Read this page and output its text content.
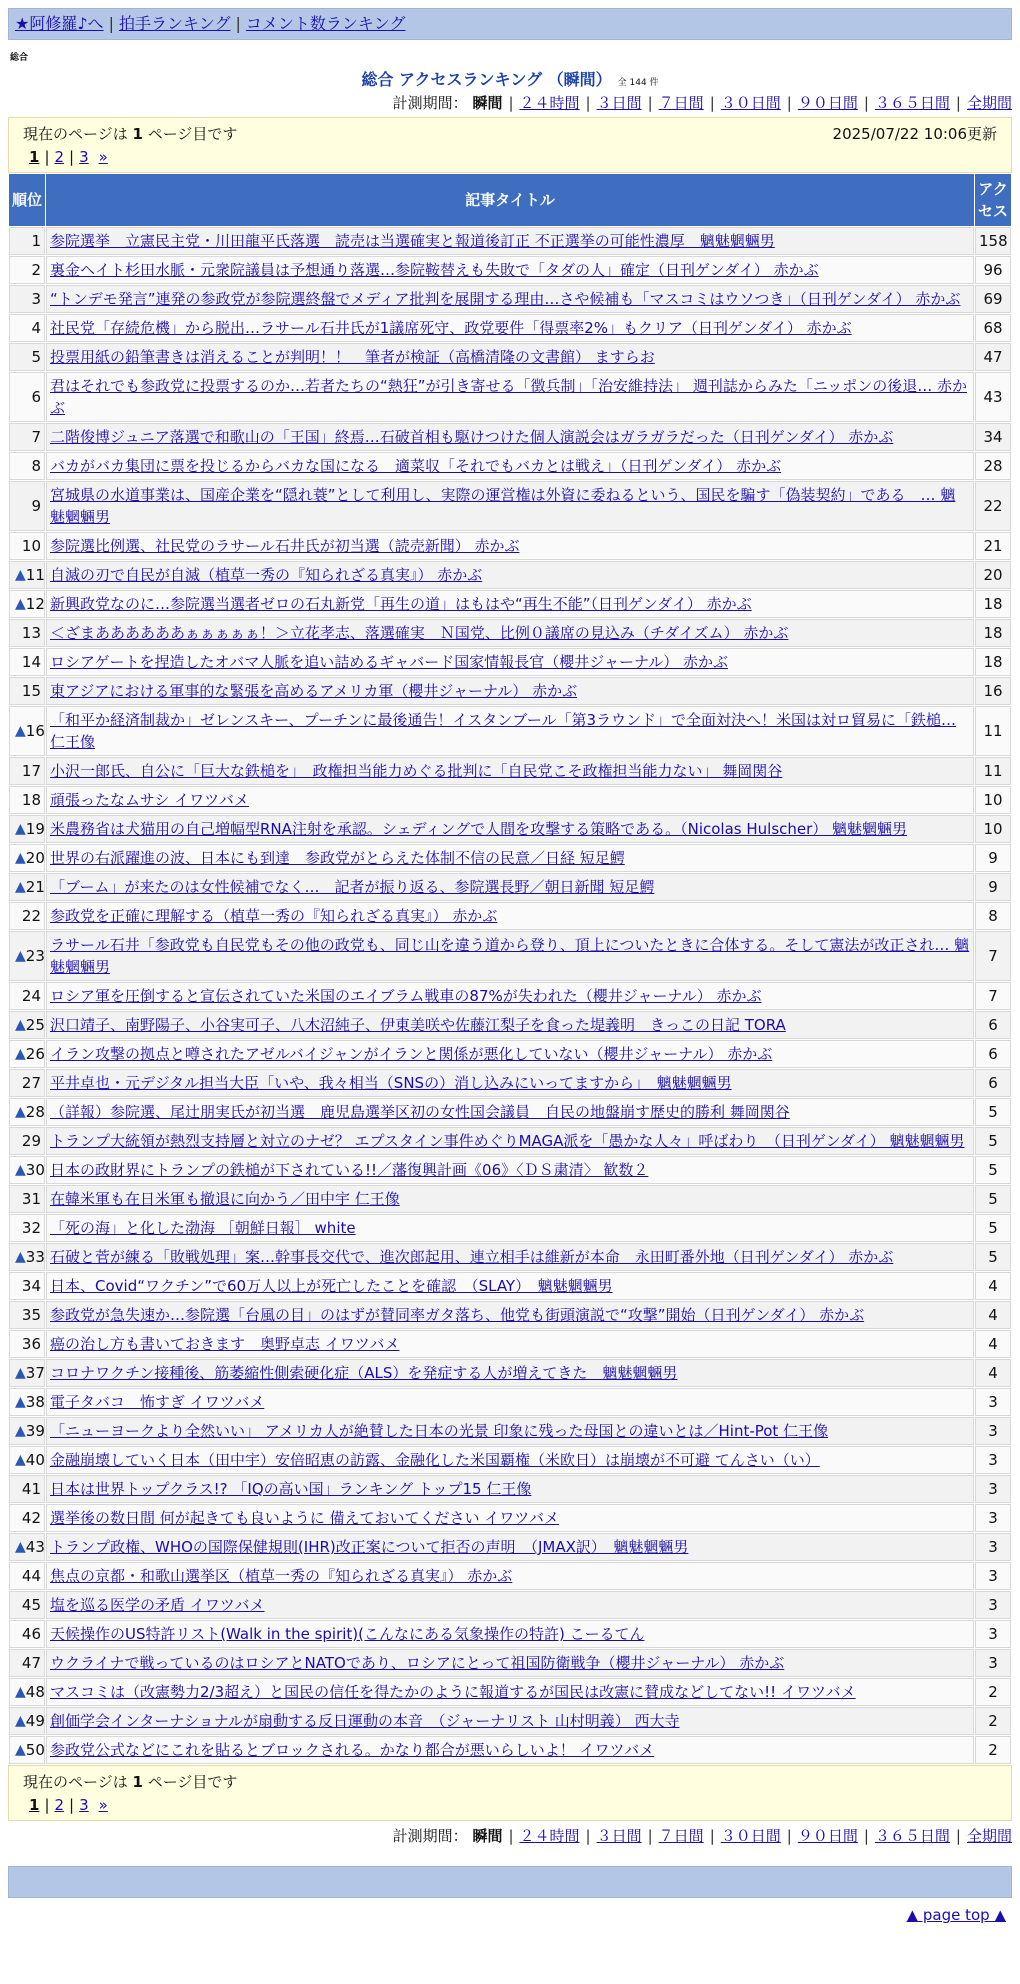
★阿修羅♪へ | 拍手ランキング | コメント数ランキング
総合
総合 アクセスランキング （瞬間） 全 144 件
計測期間： 瞬間 | ２４時間 | ３日間 | ７日間 | ３０日間 | ９０日間 | ３６５日間 | 全期間
現在のページは 1 ページ目です	2025/07/22 10:06更新
1 | 2 | 3 »
順位	記事タイトル	アクセス
1	参院選挙　立憲民主党・川田龍平氏落選　読売は当選確実と報道後訂正 不正選挙の可能性濃厚　魑魅魍魎男	158
2	裏金ヘイト杉田水脈・元衆院議員は予想通り落選…参院鞍替えも失敗で「タダの人」確定（日刊ゲンダイ） 赤かぶ	96
3	“トンデモ発言”連発の参政党が参院選終盤でメディア批判を展開する理由…さや候補も「マスコミはウソつき」（日刊ゲンダイ） 赤かぶ	69
4	社民党「存続危機」から脱出…ラサール石井氏が1議席死守、政党要件「得票率2%」もクリア（日刊ゲンダイ） 赤かぶ	68
5	投票用紙の鉛筆書きは消えることが判明！！　筆者が検証（高橋清隆の文書館） ますらお	47
6	君はそれでも参政党に投票するのか…若者たちの“熱狂”が引き寄せる「徴兵制」「治安維持法」 週刊誌からみた「ニッポンの後退… 赤かぶ	43
7	二階俊博ジュニア落選で和歌山の「王国」終焉…石破首相も駆けつけた個人演説会はガラガラだった（日刊ゲンダイ） 赤かぶ	34
8	バカがバカ集団に票を投じるからバカな国になる　適菜収「それでもバカとは戦え」（日刊ゲンダイ） 赤かぶ	28
9	宮城県の水道事業は、国産企業を“隠れ蓑”として利用し、実際の運営権は外資に委ねるという、国民を騙す「偽装契約」である　… 魑魅魍魎男	22
10	参院選比例選、社民党のラサール石井氏が初当選（読売新聞） 赤かぶ	21

▲ 11	自滅の刃で自民が自滅（植草一秀の『知られざる真実』） 赤かぶ	20

▲ 12	新興政党なのに…参院選当選者ゼロの石丸新党「再生の道」はもはや“再生不能”（日刊ゲンダイ） 赤かぶ	18
13	＜ざまああああああぁぁぁぁぁ！＞立花孝志、落選確実　Ｎ国党、比例０議席の見込み（チダイズム） 赤かぶ	18
14	ロシアゲートを捏造したオバマ人脈を追い詰めるギャバード国家情報長官（櫻井ジャーナル） 赤かぶ	18
15	東アジアにおける軍事的な緊張を高めるアメリカ軍（櫻井ジャーナル） 赤かぶ	16

▲ 16	「和平か経済制裁か」ゼレンスキー、プーチンに最後通告！イスタンブール「第3ラウンド」で全面対決へ！米国は対ロ貿易に「鉄槌… 仁王像	11
17	小沢一郎氏、自公に「巨大な鉄槌を」　政権担当能力めぐる批判に「自民党こそ政権担当能力ない」 舞岡関谷	11
18	頑張ったなムサシ イワツバメ	10

▲ 19	米農務省は犬猫用の自己増幅型RNA注射を承認。シェディングで人間を攻撃する策略である。（Nicolas Hulscher） 魑魅魍魎男	10

▲ 20	世界の右派躍進の波、日本にも到達　参政党がとらえた体制不信の民意／日経 短足鰐	9

▲ 21	「ブーム」が来たのは女性候補でなく…　記者が振り返る、参院選長野／朝日新聞 短足鰐	9
22	参政党を正確に理解する（植草一秀の『知られざる真実』） 赤かぶ	8

▲ 23	ラサール石井「参政党も自民党もその他の政党も、同じ山を違う道から登り、頂上についたときに合体する。そして憲法が改正され… 魑魅魍魎男	7
24	ロシア軍を圧倒すると宣伝されていた米国のエイブラム戦車の87%が失われた（櫻井ジャーナル） 赤かぶ	7

▲ 25	沢口靖子、南野陽子、小谷実可子、八木沼純子、伊東美咲や佐藤江梨子を食った堤義明　きっこの日記 TORA	6

▲ 26	イラン攻撃の拠点と噂されたアゼルバイジャンがイランと関係が悪化していない（櫻井ジャーナル） 赤かぶ	6
27	平井卓也・元デジタル担当大臣「いや、我々相当（SNSの）消し込みにいってますから」　魑魅魍魎男	6

▲ 28	（詳報）参院選、尾辻朋実氏が初当選　鹿児島選挙区初の女性国会議員　自民の地盤崩す歴史的勝利 舞岡関谷	5
29	トランプ大統領が熱烈支持層と対立のナゼ？ エプスタイン事件めぐりMAGA派を「愚かな人々」呼ばわり　（日刊ゲンダイ） 魑魅魍魎男	5

▲ 30	日本の政財界にトランプの鉄槌が下されている!!／藩復興計画《06》〈ＤＳ粛清〉 歓数２	5
31	在韓米軍も在日米軍も撤退に向かう／田中宇 仁王像	5
32	「死の海」と化した渤海 ［朝鮮日報］ white	5

▲ 33	石破と菅が練る「敗戦処理」案…幹事長交代で、進次郎起用、連立相手は維新が本命　永田町番外地（日刊ゲンダイ） 赤かぶ	5
34	日本、Covid“ワクチン”で60万人以上が死亡したことを確認　（SLAY）　魑魅魍魎男	4
35	参政党が急失速か…参院選「台風の目」のはずが賛同率ガタ落ち、他党も街頭演説で“攻撃”開始（日刊ゲンダイ） 赤かぶ	4
36	癌の治し方も書いておきます　奥野卓志 イワツバメ	4

▲ 37	コロナワクチン接種後、筋萎縮性側索硬化症（ALS）を発症する人が増えてきた　魑魅魍魎男	4

▲ 38	電子タバコ　怖すぎ イワツバメ	3

▲ 39	「ニューヨークより全然いい」 アメリカ人が絶賛した日本の光景 印象に残った母国との違いとは／Hint-Pot 仁王像	3

▲ 40	金融崩壊していく日本（田中宇）安倍昭恵の訪露、金融化した米国覇権（米欧日）は崩壊が不可避 てんさい（い）	3
41	日本は世界トップクラス!? 「IQの高い国」ランキング トップ15 仁王像	3
42	選挙後の数日間 何が起きても良いように 備えておいてください イワツバメ	3

▲ 43	トランプ政権、WHOの国際保健規則(IHR)改正案について拒否の声明　（JMAX訳）　魑魅魍魎男	3
44	焦点の京都・和歌山選挙区（植草一秀の『知られざる真実』） 赤かぶ	3
45	塩を巡る医学の矛盾 イワツバメ	3
46	天候操作のUS特許リスト(Walk in the spirit)(こんなにある気象操作の特許) こーるてん	3
47	ウクライナで戦っているのはロシアとNATOであり、ロシアにとって祖国防衛戦争（櫻井ジャーナル） 赤かぶ	3

▲ 48	マスコミは（改憲勢力2/3超え）と国民の信任を得たかのように報道するが国民は改憲に賛成などしてない!! イワツバメ	2

▲ 49	創価学会インターナショナルが扇動する反日運動の本音　（ジャーナリスト 山村明義） 西大寺	2

▲ 50	参政党公式などにこれを貼るとブロックされる。かなり都合が悪いらしいよ！ イワツバメ	2
現在のページは 1 ページ目です
1 | 2 | 3 »
計測期間： 瞬間 | ２４時間 | ３日間 | ７日間 | ３０日間 | ９０日間 | ３６５日間 | 全期間
▲ page top ▲
